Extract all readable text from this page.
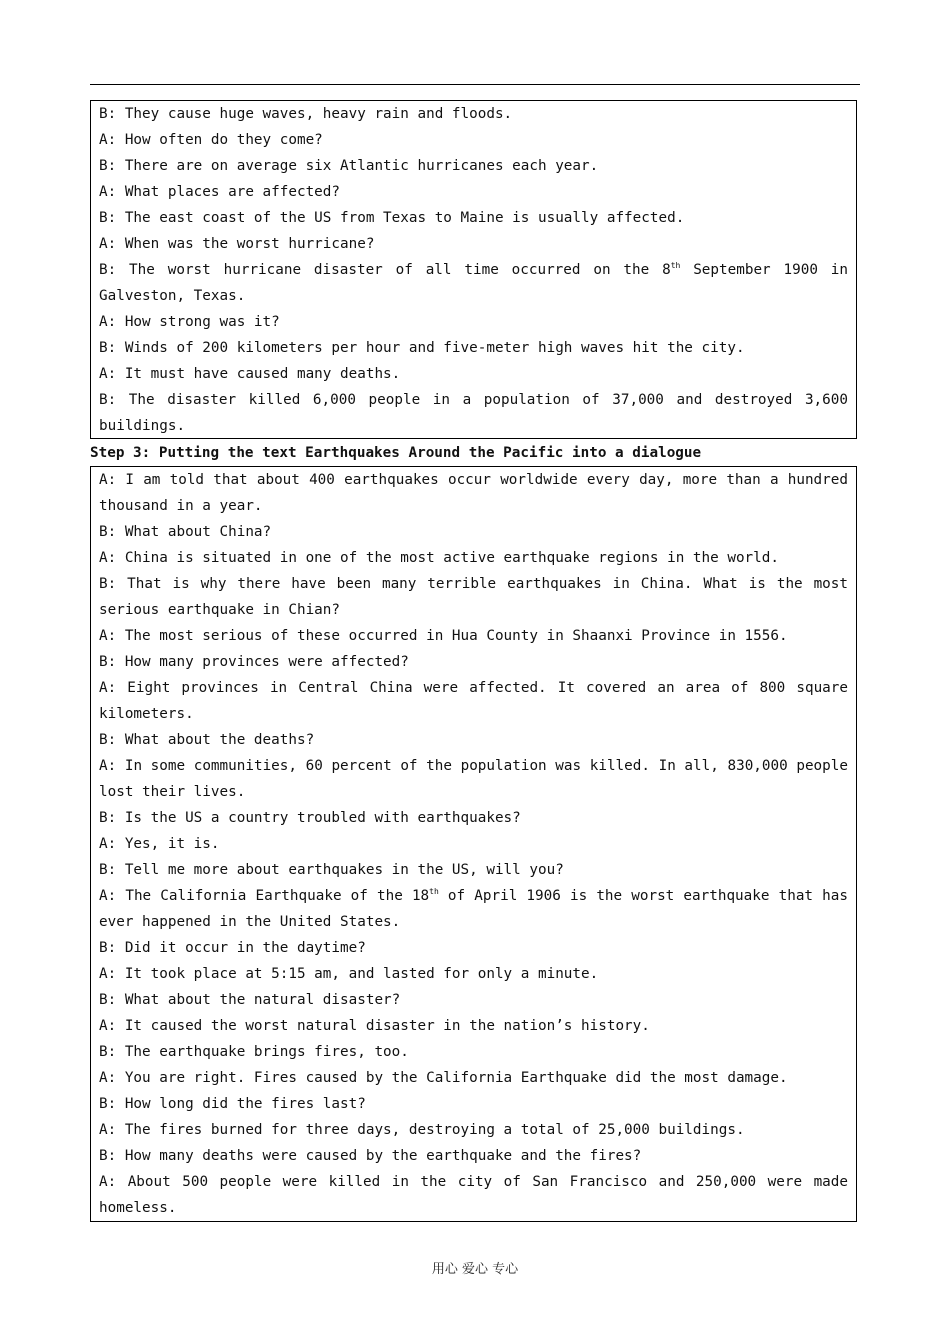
B: They cause huge waves, heavy rain and floods.
A: How often do they come?
B: There are on average six Atlantic hurricanes each year.
A: What places are affected?
B: The east coast of the US from Texas to Maine is usually affected.
A: When was the worst hurricane?
B: The worst hurricane disaster of all time occurred on the 8th September 1900 in
Galveston, Texas.
A: How strong was it?
B: Winds of 200 kilometers per hour and five-meter high waves hit the city.
A: It must have caused many deaths.
B: The disaster killed 6,000 people in a population of 37,000 and destroyed 3,600
buildings.
Step 3: Putting the text Earthquakes Around the Pacific into a dialogue
A: I am told that about 400 earthquakes occur worldwide every day, more than a hundred
thousand in a year.
B: What about China?
A: China is situated in one of the most active earthquake regions in the world.
B: That is why there have been many terrible earthquakes in China. What is the most
serious earthquake in Chian?
A: The most serious of these occurred in Hua County in Shaanxi Province in 1556.
B: How many provinces were affected?
A: Eight provinces in Central China were affected. It covered an area of 800 square
kilometers.
B: What about the deaths?
A: In some communities, 60 percent of the population was killed. In all, 830,000 people
lost their lives.
B: Is the US a country troubled with earthquakes?
A: Yes, it is.
B: Tell me more about earthquakes in the US, will you?
A: The California Earthquake of the 18th of April 1906 is the worst earthquake that has
ever happened in the United States.
B: Did it occur in the daytime?
A: It took place at 5:15 am, and lasted for only a minute.
B: What about the natural disaster?
A: It caused the worst natural disaster in the nation’s history.
B: The earthquake brings fires, too.
A: You are right. Fires caused by the California Earthquake did the most damage.
B: How long did the fires last?
A: The fires burned for three days, destroying a total of 25,000 buildings.
B: How many deaths were caused by the earthquake and the fires?
A: About 500 people were killed in the city of San Francisco and 250,000 were made
homeless.
用心 爱心 专心
